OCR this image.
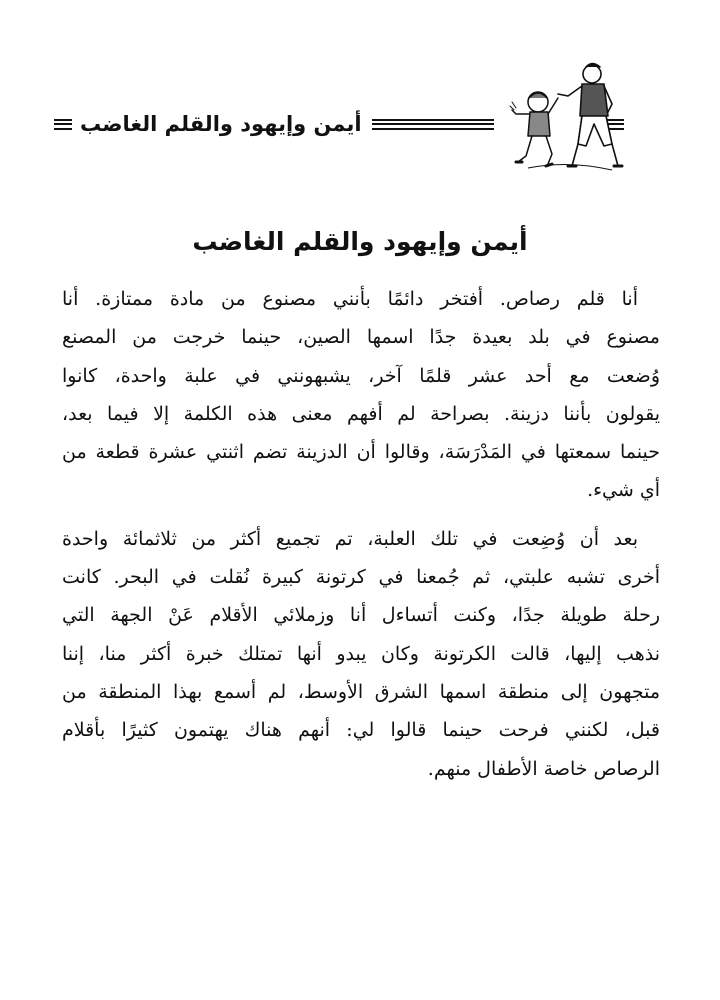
أيمن وإيهود والقلم الغاضب
أيمن وإيهود والقلم الغاضب

أنا قلم رصاص. أفتخر دائمًا بأنني مصنوع من مادة ممتازة. أنا
مصنوع في بلد بعيدة جدًا اسمها الصين، حينما خرجت من المصنع
وُضعت مع أحد عشر قلمًا آخر، يشبهونني في علبة واحدة، كانوا
يقولون بأننا دزينة. بصراحة لم أفهم معنى هذه الكلمة إلا فيما بعد،
حينما سمعتها في المَدْرَسَة، وقالوا أن الدزينة تضم اثنتي عشرة قطعة من
أي شيء.

بعد أن وُضِعت في تلك العلبة، تم تجميع أكثر من ثلاثمائة واحدة
أخرى تشبه علبتي، ثم جُمعنا في كرتونة كبيرة نُقلت في البحر. كانت
رحلة طويلة جدًا، وكنت أتساءل أنا وزملائي الأقلام عَنْ الجهة التي
نذهب إليها، قالت الكرتونة وكان يبدو أنها تمتلك خبرة أكثر منا، إننا
متجهون إلى منطقة اسمها الشرق الأوسط، لم أسمع بهذا المنطقة من
قبل، لكنني فرحت حينما قالوا لي: أنهم هناك يهتمون كثيرًا بأقلام
الرصاص خاصة الأطفال منهم.
